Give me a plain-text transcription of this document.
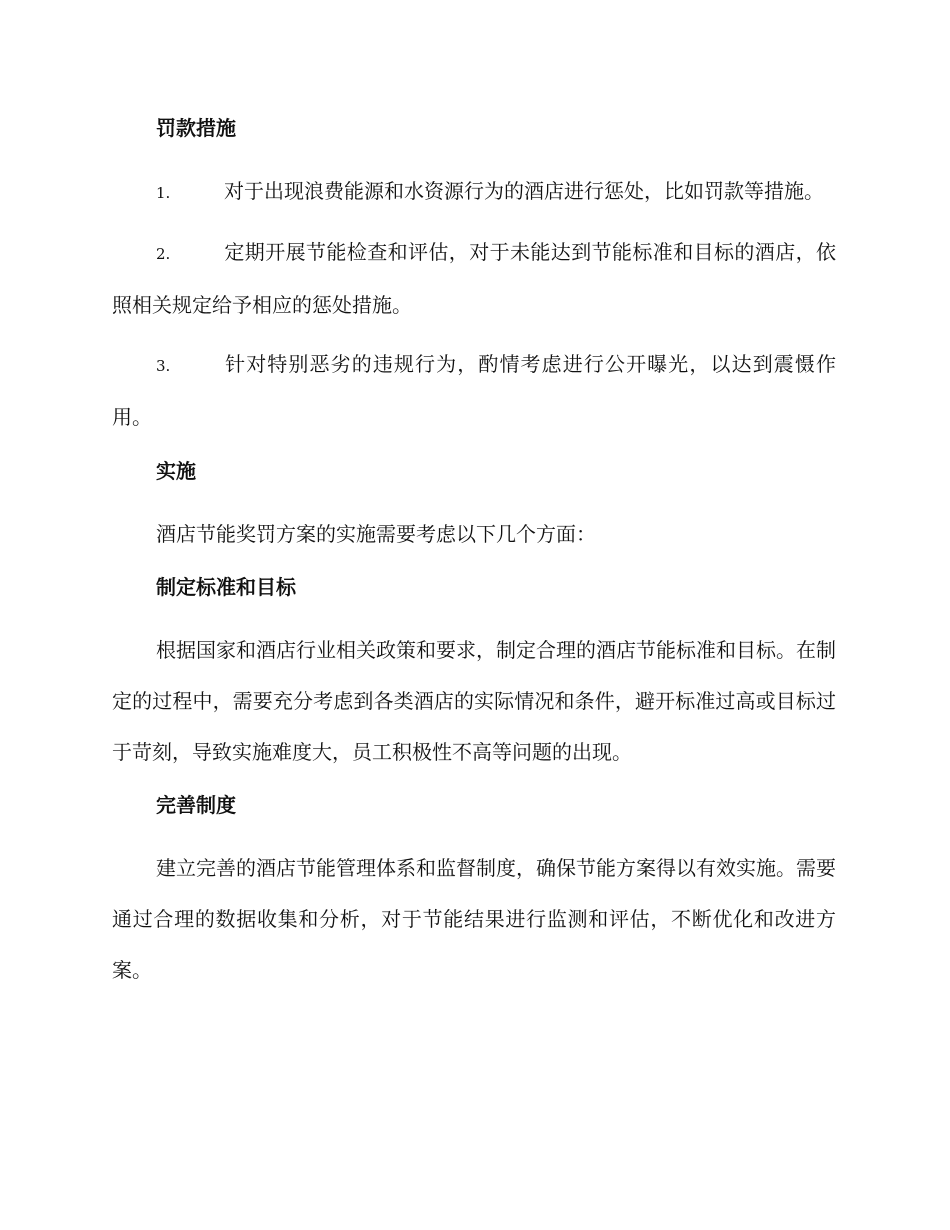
罚款措施
1.	对于出现浪费能源和水资源行为的酒店进行惩处，比如罚款等措施。
2.	定期开展节能检查和评估，对于未能达到节能标准和目标的酒店，依照相关规定给予相应的惩处措施。
3.	针对特别恶劣的违规行为，酌情考虑进行公开曝光，以达到震慑作用。
实施

酒店节能奖罚方案的实施需要考虑以下几个方面：

制定标准和目标

根据国家和酒店行业相关政策和要求，制定合理的酒店节能标准和目标。在制定的过程中，需要充分考虑到各类酒店的实际情况和条件，避开标准过高或目标过于苛刻，导致实施难度大，员工积极性不高等问题的出现。

完善制度

建立完善的酒店节能管理体系和监督制度，确保节能方案得以有效实施。需要通过合理的数据收集和分析，对于节能结果进行监测和评估，不断优化和改进方案。
